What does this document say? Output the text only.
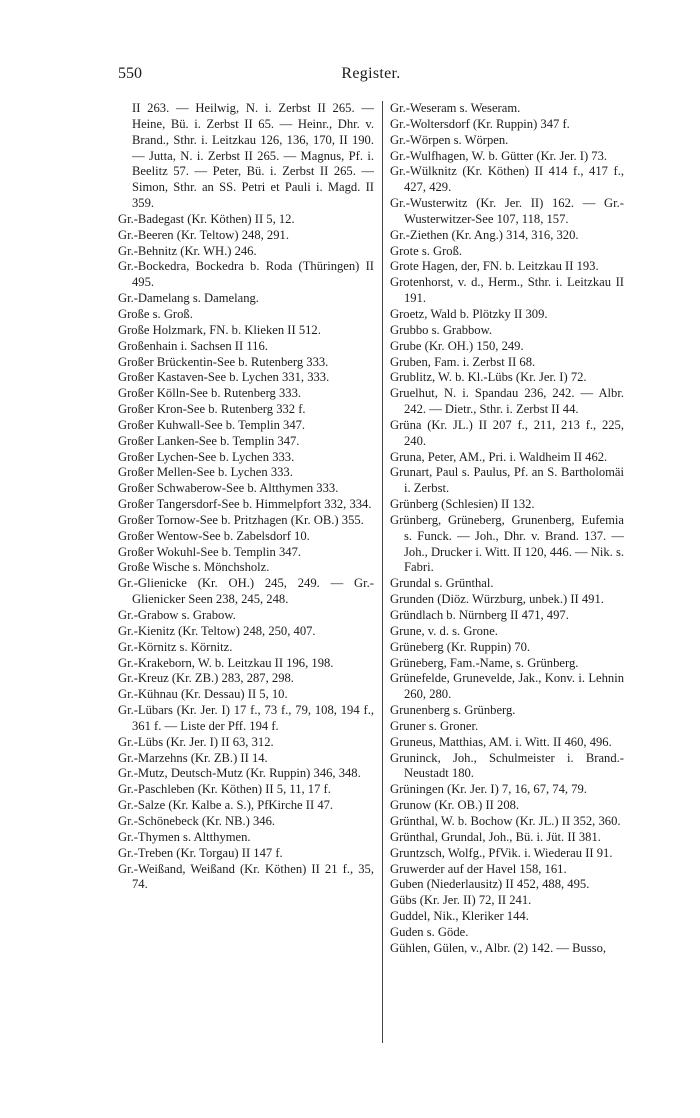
550	Register.

II 263. — Heilwig, N. i. Zerbst II 265. — Heine, Bü. i. Zerbst II 65. — Heinr., Dhr. v. Brand., Sthr. i. Leitzkau 126, 136, 170, II 190. — Jutta, N. i. Zerbst II 265. — Magnus, Pf. i. Beelitz 57. — Peter, Bü. i. Zerbst II 265. — Simon, Sthr. an SS. Petri et Pauli i. Magd. II 359.

Gr.-Badegast (Kr. Köthen) II 5, 12.

Gr.-Beeren (Kr. Teltow) 248, 291.

Gr.-Behnitz (Kr. WH.) 246.

Gr.-Bockedra, Bockedra b. Roda (Thüringen) II 495.

Gr.-Damelang s. Damelang.

Große s. Groß.

Große Holzmark, FN. b. Klieken II 512.

Großenhain i. Sachsen II 116.

Großer Brückentin-See b. Rutenberg 333.

Großer Kastaven-See b. Lychen 331, 333.

Großer Kölln-See b. Rutenberg 333.

Großer Kron-See b. Rutenberg 332 f.

Großer Kuhwall-See b. Templin 347.

Großer Lanken-See b. Templin 347.

Großer Lychen-See b. Lychen 333.

Großer Mellen-See b. Lychen 333.

Großer Schwaberow-See b. Altthymen 333.

Großer Tangersdorf-See b. Himmelpfort 332, 334.

Großer Tornow-See b. Pritzhagen (Kr. OB.) 355.

Großer Wentow-See b. Zabelsdorf 10.

Großer Wokuhl-See b. Templin 347.

Große Wische s. Mönchsholz.

Gr.-Glienicke (Kr. OH.) 245, 249. — Gr.-Glienicker Seen 238, 245, 248.

Gr.-Grabow s. Grabow.

Gr.-Kienitz (Kr. Teltow) 248, 250, 407.

Gr.-Körnitz s. Körnitz.

Gr.-Krakeborn, W. b. Leitzkau II 196, 198.

Gr.-Kreuz (Kr. ZB.) 283, 287, 298.

Gr.-Kühnau (Kr. Dessau) II 5, 10.

Gr.-Lübars (Kr. Jer. I) 17 f., 73 f., 79, 108, 194 f., 361 f. — Liste der Pff. 194 f.

Gr.-Lübs (Kr. Jer. I) II 63, 312.

Gr.-Marzehns (Kr. ZB.) II 14.

Gr.-Mutz, Deutsch-Mutz (Kr. Ruppin) 346, 348.

Gr.-Paschleben (Kr. Köthen) II 5, 11, 17 f.

Gr.-Salze (Kr. Kalbe a. S.), PfKirche II 47.

Gr.-Schönebeck (Kr. NB.) 346.

Gr.-Thymen s. Altthymen.

Gr.-Treben (Kr. Torgau) II 147 f.

Gr.-Weißand, Weißand (Kr. Köthen) II 21 f., 35, 74.

Gr.-Weseram s. Weseram.

Gr.-Woltersdorf (Kr. Ruppin) 347 f.

Gr.-Wörpen s. Wörpen.

Gr.-Wulfhagen, W. b. Gütter (Kr. Jer. I) 73.

Gr.-Wülknitz (Kr. Köthen) II 414 f., 417 f., 427, 429.

Gr.-Wusterwitz (Kr. Jer. II) 162. — Gr.-Wusterwitzer-See 107, 118, 157.

Gr.-Ziethen (Kr. Ang.) 314, 316, 320.

Grote s. Groß.

Grote Hagen, der, FN. b. Leitzkau II 193.

Grotenhorst, v. d., Herm., Sthr. i. Leitzkau II 191.

Groetz, Wald b. Plötzky II 309.

Grubbo s. Grabbow.

Grube (Kr. OH.) 150, 249.

Gruben, Fam. i. Zerbst II 68.

Grublitz, W. b. Kl.-Lübs (Kr. Jer. I) 72.

Gruelhut, N. i. Spandau 236, 242. — Albr. 242. — Dietr., Sthr. i. Zerbst II 44.

Grüna (Kr. JL.) II 207 f., 211, 213 f., 225, 240.

Gruna, Peter, AM., Pri. i. Waldheim II 462.

Grunart, Paul s. Paulus, Pf. an S. Bartholomäi i. Zerbst.

Grünberg (Schlesien) II 132.

Grünberg, Grüneberg, Grunenberg, Eufemia s. Funck. — Joh., Dhr. v. Brand. 137. — Joh., Drucker i. Witt. II 120, 446. — Nik. s. Fabri.

Grundal s. Grünthal.

Grunden (Diöz. Würzburg, unbek.) II 491.

Gründlach b. Nürnberg II 471, 497.

Grune, v. d. s. Grone.

Grüneberg (Kr. Ruppin) 70.

Grüneberg, Fam.-Name, s. Grünberg.

Grünefelde, Grunevelde, Jak., Konv. i. Lehnin 260, 280.

Grunenberg s. Grünberg.

Gruner s. Groner.

Gruneus, Matthias, AM. i. Witt. II 460, 496.

Gruninck, Joh., Schulmeister i. Brand.-Neustadt 180.

Grüningen (Kr. Jer. I) 7, 16, 67, 74, 79.

Grunow (Kr. OB.) II 208.

Grünthal, W. b. Bochow (Kr. JL.) II 352, 360.

Grünthal, Grundal, Joh., Bü. i. Jüt. II 381.

Gruntzsch, Wolfg., PfVik. i. Wiederau II 91.

Gruwerder auf der Havel 158, 161.

Guben (Niederlausitz) II 452, 488, 495.

Gübs (Kr. Jer. II) 72, II 241.

Guddel, Nik., Kleriker 144.

Guden s. Göde.

Gühlen, Gülen, v., Albr. (2) 142. — Busso,
